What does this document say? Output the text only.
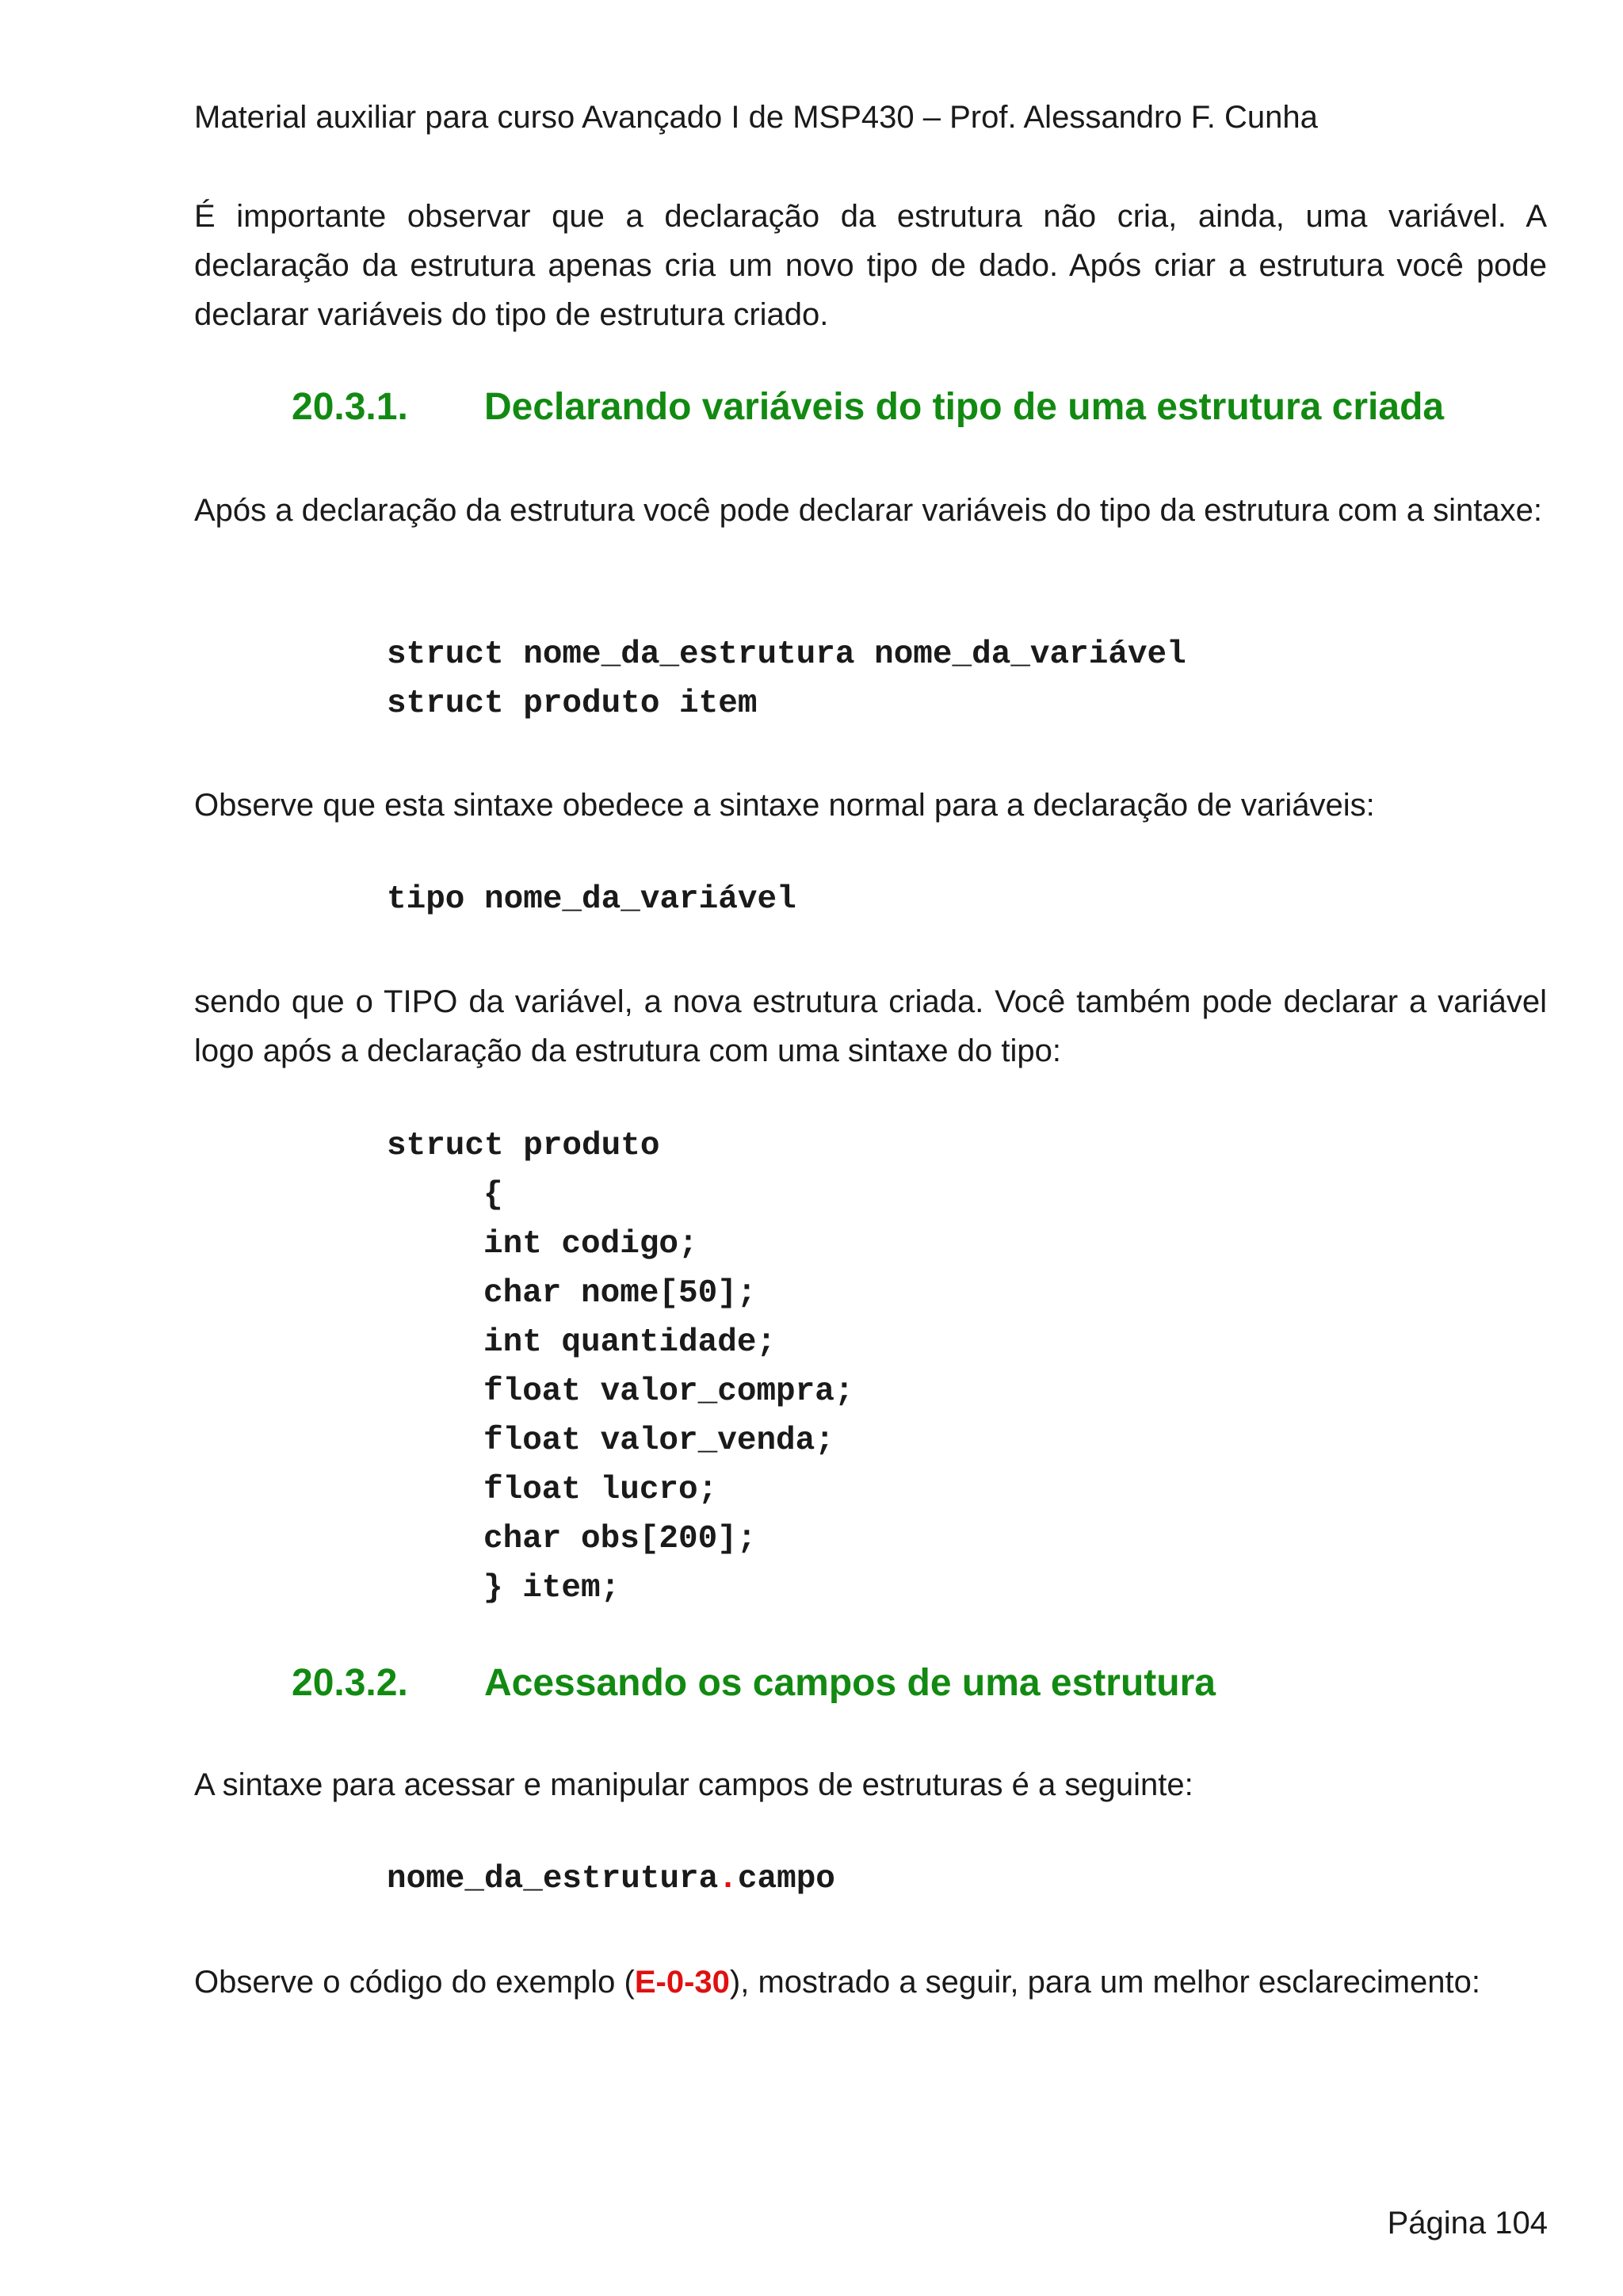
Material auxiliar para curso Avançado I de MSP430 – Prof. Alessandro F. Cunha
É importante observar que a declaração da estrutura não cria, ainda, uma variável. A declaração da estrutura apenas cria um novo tipo de dado. Após criar a estrutura você pode declarar variáveis do tipo de estrutura criado.
20.3.1. Declarando variáveis do tipo de uma estrutura criada
Após a declaração da estrutura você pode declarar variáveis do tipo da estrutura com a sintaxe:
struct nome_da_estrutura nome_da_variável
struct produto item
Observe que esta sintaxe obedece a sintaxe normal para a declaração de variáveis:
tipo nome_da_variável
sendo que o TIPO da variável, a nova estrutura criada. Você também pode declarar a variável logo após a declaração da estrutura com uma sintaxe do tipo:
struct produto
{
int codigo;
char nome[50];
int quantidade;
float valor_compra;
float valor_venda;
float lucro;
char obs[200];
} item;
20.3.2. Acessando os campos de uma estrutura
A sintaxe para acessar e manipular campos de estruturas é a seguinte:
nome_da_estrutura.campo
Observe o código do exemplo (E-0-30), mostrado a seguir, para um melhor esclarecimento:
Página 104
